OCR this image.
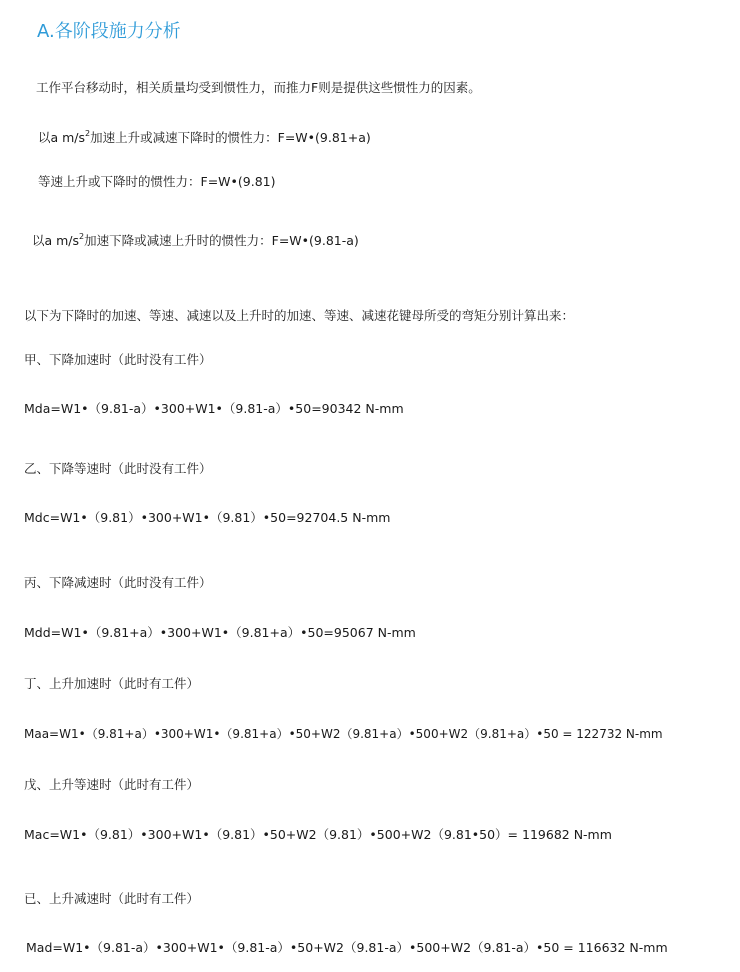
A.各阶段施力分析
工作平台移动时，相关质量均受到惯性力，而推力F则是提供这些惯性力的因素。
以a $m/s^2$加速上升或减速下降时的惯性力：F=W•(9.81+a)
等速上升或下降时的惯性力：F=W•(9.81)
以a $m/s^2$加速下降或减速上升时的惯性力：F=W•(9.81-a)
以下为下降时的加速、等速、减速以及上升时的加速、等速、减速花键母所受的弯矩分别计算出来：
甲、下降加速时（此时没有工件）
Mda=W1•（9.81-a）•300+W1•（9.81-a）•50=90342 N-mm
乙、下降等速时（此时没有工件）
Mdc=W1•（9.81）•300+W1•（9.81）•50=92704.5 N-mm
丙、下降减速时（此时没有工件）
Mdd=W1•（9.81+a）•300+W1•（9.81+a）•50=95067 N-mm
丁、上升加速时（此时有工件）
Maa=W1•（9.81+a）•300+W1•（9.81+a）•50+W2（9.81+a）•500+W2（9.81+a）•50 = 122732 N-mm
戊、上升等速时（此时有工件）
Mac=W1•（9.81）•300+W1•（9.81）•50+W2（9.81）•500+W2（9.81•50）= 119682 N-mm
已、上升减速时（此时有工件）
Mad=W1•（9.81-a）•300+W1•（9.81-a）•50+W2（9.81-a）•500+W2（9.81-a）•50 = 116632 N-mm
